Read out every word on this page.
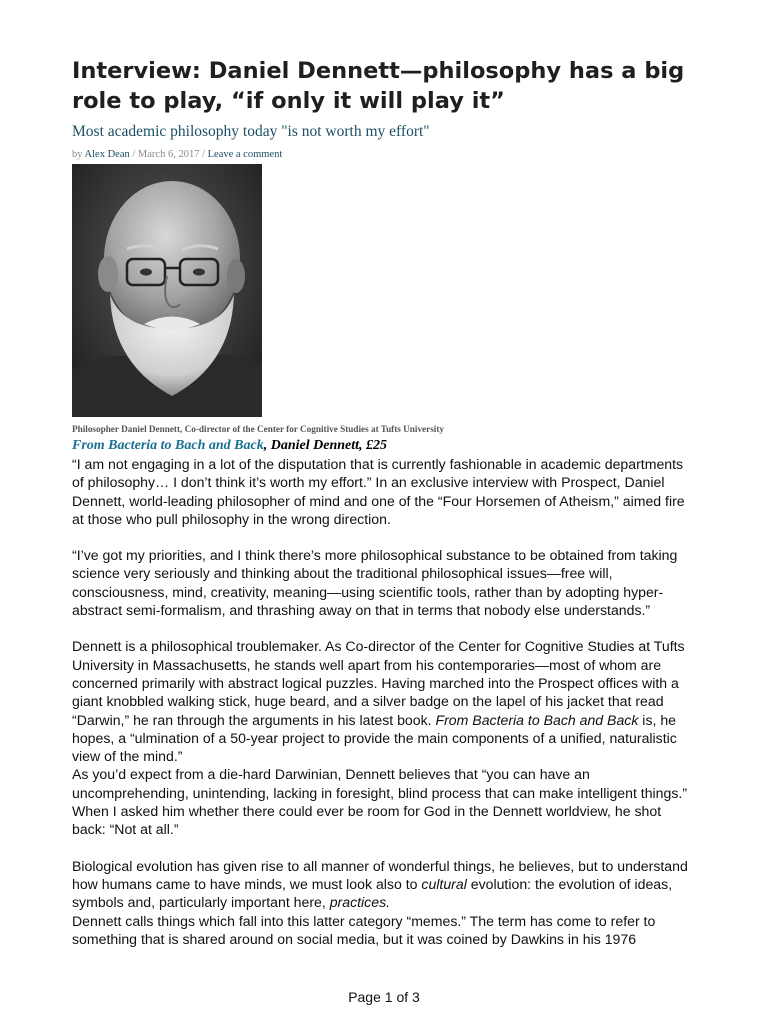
Interview: Daniel Dennett—philosophy has a big role to play, “if only it will play it”
Most academic philosophy today "is not worth my effort"
by Alex Dean / March 6, 2017 / Leave a comment
Philosopher Daniel Dennett, Co-director of the Center for Cognitive Studies at Tufts University
From Bacteria to Bach and Back, Daniel Dennett, £25

“I am not engaging in a lot of the disputation that is currently fashionable in academic departments of philosophy… I don’t think it’s worth my effort.” In an exclusive interview with Prospect, Daniel Dennett, world-leading philosopher of mind and one of the “Four Horsemen of Atheism,” aimed fire at those who pull philosophy in the wrong direction.

“I’ve got my priorities, and I think there’s more philosophical substance to be obtained from taking science very seriously and thinking about the traditional philosophical issues—free will, consciousness, mind, creativity, meaning—using scientific tools, rather than by adopting hyper-abstract semi-formalism, and thrashing away on that in terms that nobody else understands.”

Dennett is a philosophical troublemaker. As Co-director of the Center for Cognitive Studies at Tufts University in Massachusetts, he stands well apart from his contemporaries—most of whom are concerned primarily with abstract logical puzzles. Having marched into the Prospect offices with a giant knobbled walking stick, huge beard, and a silver badge on the lapel of his jacket that read “Darwin,” he ran through the arguments in his latest book. From Bacteria to Bach and Back is, he hopes, a “ulmination of a 50-year project to provide the main components of a unified, naturalistic view of the mind.”

As you’d expect from a die-hard Darwinian, Dennett believes that “you can have an uncomprehending, unintending, lacking in foresight, blind process that can make intelligent things.” When I asked him whether there could ever be room for God in the Dennett worldview, he shot back: “Not at all.”

Biological evolution has given rise to all manner of wonderful things, he believes, but to understand how humans came to have minds, we must look also to cultural evolution: the evolution of ideas, symbols and, particularly important here, practices.

Dennett calls things which fall into this latter category “memes.” The term has come to refer to something that is shared around on social media, but it was coined by Dawkins in his 1976

Page 1 of 3
